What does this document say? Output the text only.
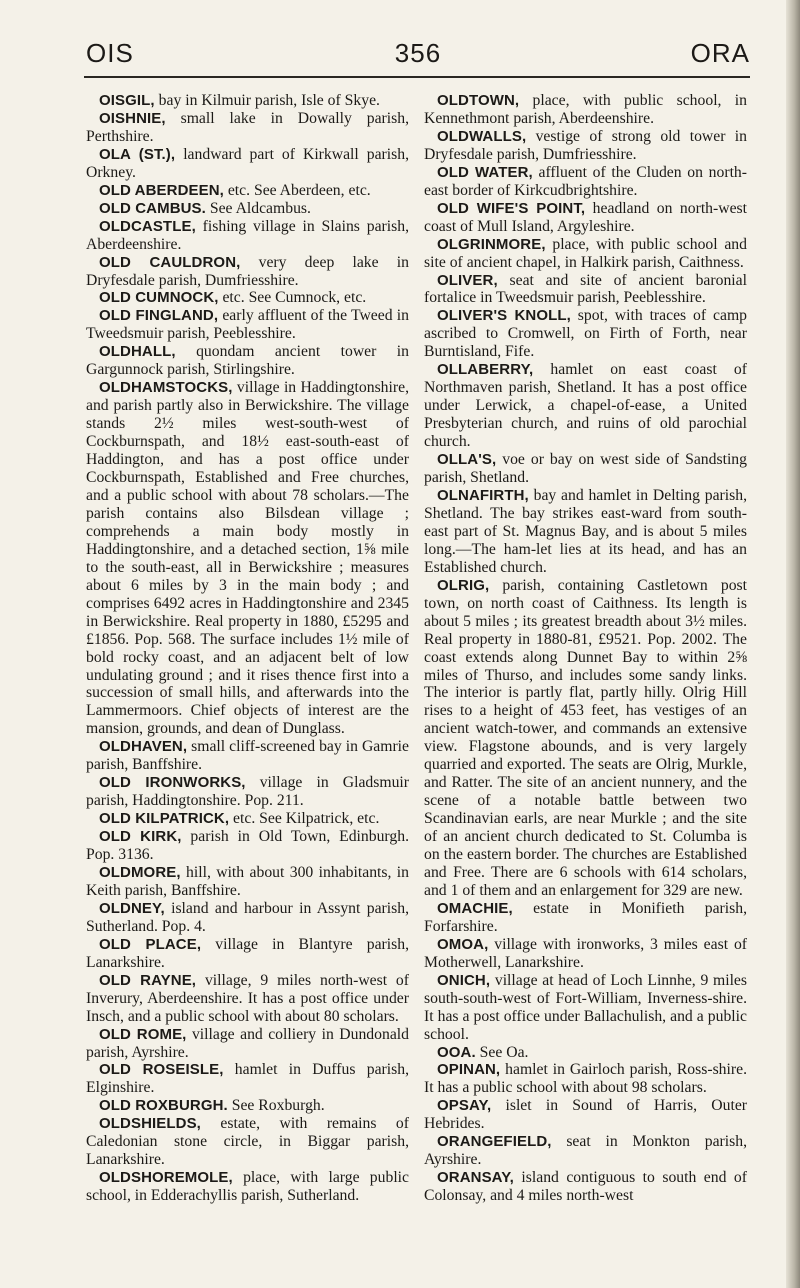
OIS	356	ORA

OISGIL, bay in Kilmuir parish, Isle of Skye.

OISHNIE, small lake in Dowally parish, Perthshire.

OLA (ST.), landward part of Kirkwall parish, Orkney.

OLD ABERDEEN, etc. See Aberdeen, etc.

OLD CAMBUS. See Aldcambus.

OLDCASTLE, fishing village in Slains parish, Aberdeenshire.

OLD CAULDRON, very deep lake in Dryfesdale parish, Dumfriesshire.

OLD CUMNOCK, etc. See Cumnock, etc.

OLD FINGLAND, early affluent of the Tweed in Tweedsmuir parish, Peeblesshire.

OLDHALL, quondam ancient tower in Gargunnock parish, Stirlingshire.

OLDHAMSTOCKS, village in Haddingtonshire, and parish partly also in Berwickshire. The village stands 2½ miles west-south-west of Cockburnspath, and 18½ east-south-east of Haddington, and has a post office under Cockburnspath, Established and Free churches, and a public school with about 78 scholars.—The parish contains also Bilsdean village ; comprehends a main body mostly in Haddingtonshire, and a detached section, 1⅝ mile to the south-east, all in Berwickshire ; measures about 6 miles by 3 in the main body ; and comprises 6492 acres in Haddingtonshire and 2345 in Berwickshire. Real property in 1880, £5295 and £1856. Pop. 568. The surface includes 1½ mile of bold rocky coast, and an adjacent belt of low undulating ground ; and it rises thence first into a succession of small hills, and afterwards into the Lammermoors. Chief objects of interest are the mansion, grounds, and dean of Dunglass.

OLDHAVEN, small cliff-screened bay in Gamrie parish, Banffshire.

OLD IRONWORKS, village in Gladsmuir parish, Haddingtonshire. Pop. 211.

OLD KILPATRICK, etc. See Kilpatrick, etc.

OLD KIRK, parish in Old Town, Edinburgh. Pop. 3136.

OLDMORE, hill, with about 300 inhabitants, in Keith parish, Banffshire.

OLDNEY, island and harbour in Assynt parish, Sutherland. Pop. 4.

OLD PLACE, village in Blantyre parish, Lanarkshire.

OLD RAYNE, village, 9 miles north-west of Inverury, Aberdeenshire. It has a post office under Insch, and a public school with about 80 scholars.

OLD ROME, village and colliery in Dundonald parish, Ayrshire.

OLD ROSEISLE, hamlet in Duffus parish, Elginshire.

OLD ROXBURGH. See Roxburgh.

OLDSHIELDS, estate, with remains of Caledonian stone circle, in Biggar parish, Lanarkshire.

OLDSHOREMOLE, place, with large public school, in Edderachyllis parish, Sutherland.

OLDTOWN, place, with public school, in Kennethmont parish, Aberdeenshire.

OLDWALLS, vestige of strong old tower in Dryfesdale parish, Dumfriesshire.

OLD WATER, affluent of the Cluden on north-east border of Kirkcudbrightshire.

OLD WIFE'S POINT, headland on north-west coast of Mull Island, Argyleshire.

OLGRINMORE, place, with public school and site of ancient chapel, in Halkirk parish, Caithness.

OLIVER, seat and site of ancient baronial fortalice in Tweedsmuir parish, Peeblesshire.

OLIVER'S KNOLL, spot, with traces of camp ascribed to Cromwell, on Firth of Forth, near Burntisland, Fife.

OLLABERRY, hamlet on east coast of Northmaven parish, Shetland. It has a post office under Lerwick, a chapel-of-ease, a United Presbyterian church, and ruins of old parochial church.

OLLA'S, voe or bay on west side of Sandsting parish, Shetland.

OLNAFIRTH, bay and hamlet in Delting parish, Shetland. The bay strikes east-ward from south-east part of St. Magnus Bay, and is about 5 miles long.—The ham-let lies at its head, and has an Established church.

OLRIG, parish, containing Castletown post town, on north coast of Caithness. Its length is about 5 miles ; its greatest breadth about 3½ miles. Real property in 1880-81, £9521. Pop. 2002. The coast extends along Dunnet Bay to within 2⅝ miles of Thurso, and includes some sandy links. The interior is partly flat, partly hilly. Olrig Hill rises to a height of 453 feet, has vestiges of an ancient watch-tower, and commands an extensive view. Flagstone abounds, and is very largely quarried and exported. The seats are Olrig, Murkle, and Ratter. The site of an ancient nunnery, and the scene of a notable battle between two Scandinavian earls, are near Murkle ; and the site of an ancient church dedicated to St. Columba is on the eastern border. The churches are Established and Free. There are 6 schools with 614 scholars, and 1 of them and an enlargement for 329 are new.

OMACHIE, estate in Monifieth parish, Forfarshire.

OMOA, village with ironworks, 3 miles east of Motherwell, Lanarkshire.

ONICH, village at head of Loch Linnhe, 9 miles south-south-west of Fort-William, Inverness-shire. It has a post office under Ballachulish, and a public school.

OOA. See Oa.

OPINAN, hamlet in Gairloch parish, Ross-shire. It has a public school with about 98 scholars.

OPSAY, islet in Sound of Harris, Outer Hebrides.

ORANGEFIELD, seat in Monkton parish, Ayrshire.

ORANSAY, island contiguous to south end of Colonsay, and 4 miles north-west
